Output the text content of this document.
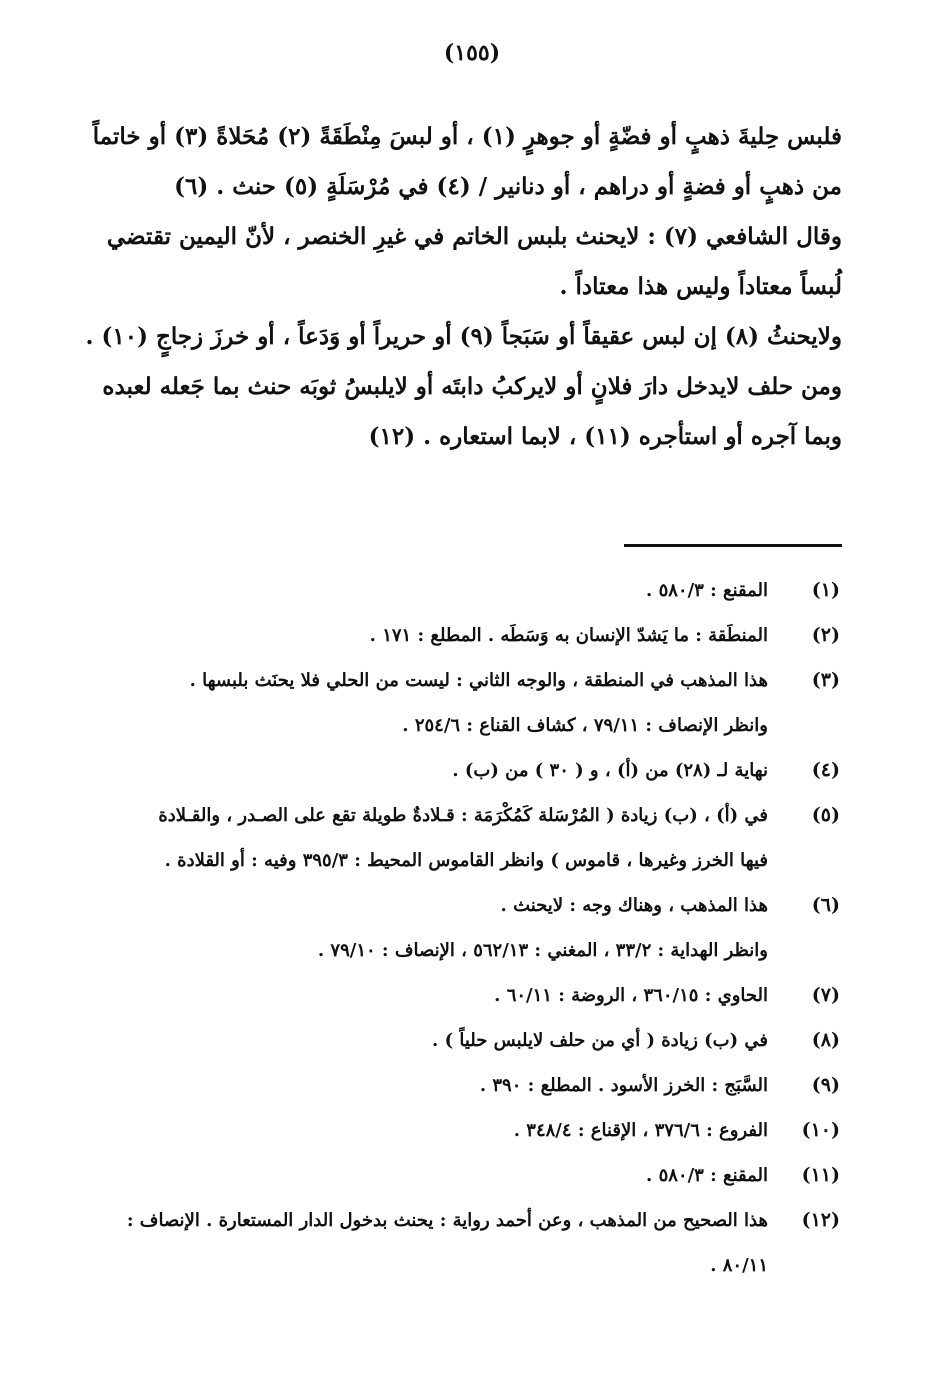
(١٥٥)
فلبس حِليةَ ذهبٍ أو فضّةٍ أو جوهرٍ (١) ، أو لبسَ مِنْطَقَةً (٢) مُحَلاةً (٣) أو خاتماً
من ذهبٍ أو فضةٍ أو دراهم ، أو دنانير / (٤) في مُرْسَلَةٍ (٥) حنث . (٦)
وقال الشافعي (٧) : لايحنث بلبس الخاتم في غيرِ الخنصر ، لأنّ اليمين تقتضي
لُبساً معتاداً وليس هذا معتاداً .
ولايحنثُ (٨) إن لبس عقيقاً أو سَبَجاً (٩) أو حريراً أو وَدَعاً ، أو خرزَ زجاجٍ (١٠) .
ومن حلف لايدخل دارَ فلانٍ أو لايركبُ دابتَه أو لايلبسُ ثوبَه حنث بما جَعله لعبده
وبما آجره أو استأجره (١١) ، لابما استعاره . (١٢)
(١)
المقنع : ٥٨٠/٣ .
(٢)
المنطَقة : ما يَشدّ الإنسان به وَسَطَه . المطلع : ١٧١ .
(٣)
هذا المذهب في المنطقة ، والوجه الثاني : ليست من الحلي فلا يحنَث بلبسها .
وانظر الإنصاف : ٧٩/١١ ، كشاف القناع : ٢٥٤/٦ .
(٤)
نهاية لـ (٢٨) من (أ) ، و ( ٣٠ ) من (ب) .
(٥)
في (أ) ، (ب) زيادة ( المُرْسَلة كَمُكْرَمَة : قـلادةٌ طويلة تقع على الصـدر ، والقـلادة
فيها الخرز وغيرها ، قاموس ) وانظر القاموس المحيط : ٣٩٥/٣ وفيه : أو القلادة .
(٦)
هذا المذهب ، وهناك وجه : لايحنث .
وانظر الهداية : ٣٣/٢ ، المغني : ٥٦٢/١٣ ، الإنصاف : ٧٩/١٠ .
(٧)
الحاوي : ٣٦٠/١٥ ، الروضة : ٦٠/١١ .
(٨)
في (ب) زيادة ( أي من حلف لايلبس حلياً ) .
(٩)
السَّبَج : الخرز الأسود . المطلع : ٣٩٠ .
(١٠)
الفروع : ٣٧٦/٦ ، الإقناع : ٣٤٨/٤ .
(١١)
المقنع : ٥٨٠/٣ .
(١٢)
هذا الصحيح من المذهب ، وعن أحمد رواية : يحنث بدخول الدار المستعارة . الإنصاف :
٨٠/١١ .
